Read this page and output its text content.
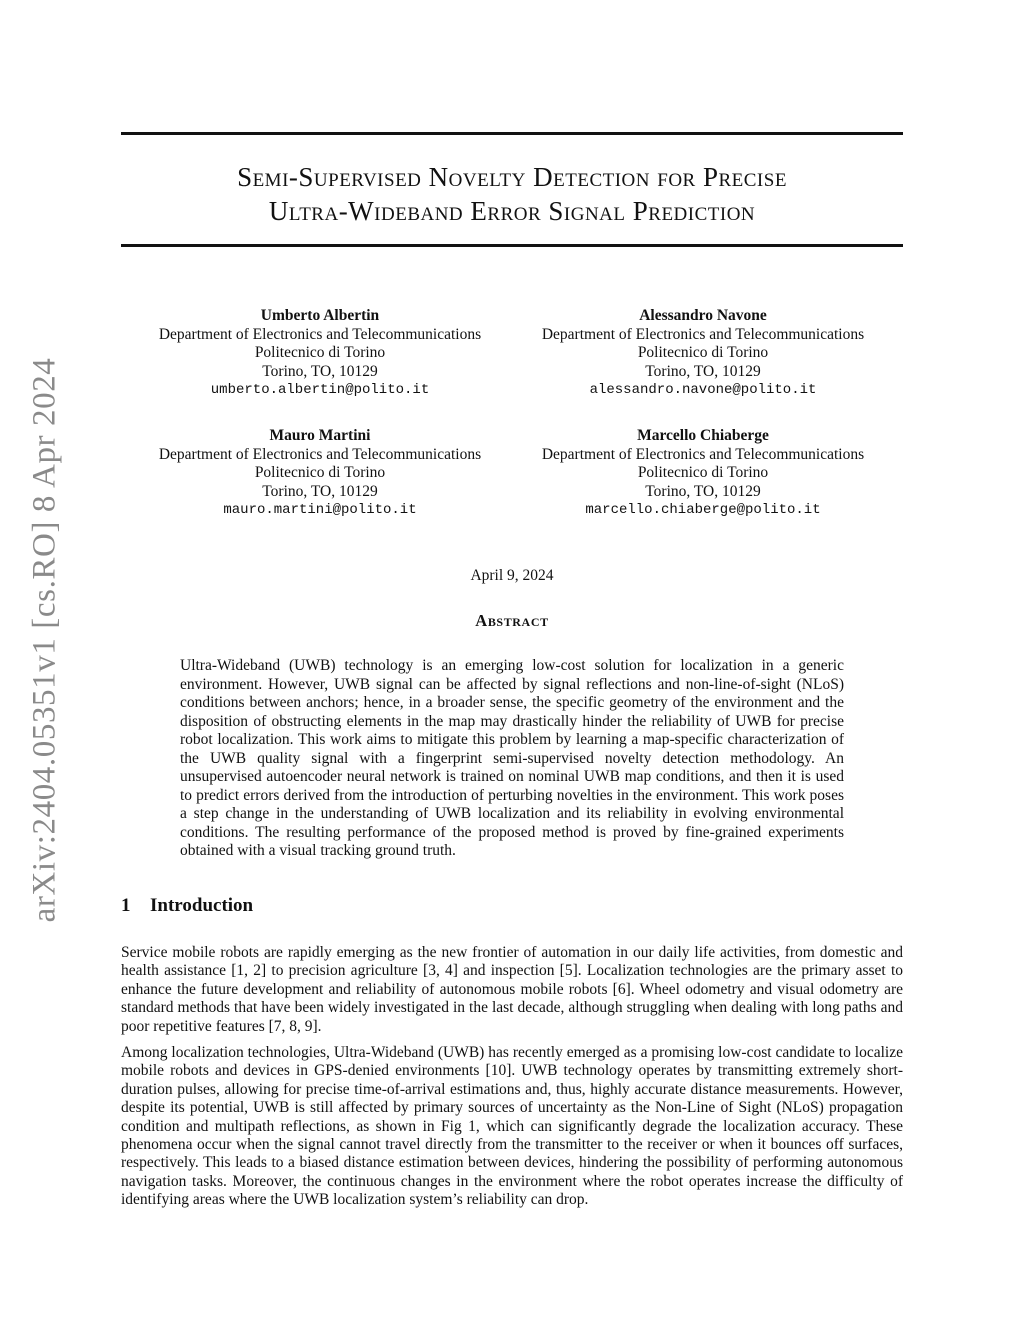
Semi-Supervised Novelty Detection for Precise
Ultra-Wideband Error Signal Prediction
arXiv:2404.05351v1 [cs.RO] 8 Apr 2024
Umberto Albertin
Department of Electronics and Telecommunications
Politecnico di Torino
Torino, TO, 10129
umberto.albertin@polito.it
Alessandro Navone
Department of Electronics and Telecommunications
Politecnico di Torino
Torino, TO, 10129
alessandro.navone@polito.it
Mauro Martini
Department of Electronics and Telecommunications
Politecnico di Torino
Torino, TO, 10129
mauro.martini@polito.it
Marcello Chiaberge
Department of Electronics and Telecommunications
Politecnico di Torino
Torino, TO, 10129
marcello.chiaberge@polito.it
April 9, 2024
Abstract

Ultra-Wideband (UWB) technology is an emerging low-cost solution for localization in a generic environment. However, UWB signal can be affected by signal reflections and non-line-of-sight (NLoS) conditions between anchors; hence, in a broader sense, the specific geometry of the environment and the disposition of obstructing elements in the map may drastically hinder the reliability of UWB for precise robot localization. This work aims to mitigate this problem by learning a map-specific characterization of the UWB quality signal with a fingerprint semi-supervised novelty detection methodology. An unsupervised autoencoder neural network is trained on nominal UWB map conditions, and then it is used to predict errors derived from the introduction of perturbing novelties in the environment. This work poses a step change in the understanding of UWB localization and its reliability in evolving environmental conditions. The resulting performance of the proposed method is proved by fine-grained experiments obtained with a visual tracking ground truth.

1 Introduction

Service mobile robots are rapidly emerging as the new frontier of automation in our daily life activities, from domestic and health assistance [1, 2] to precision agriculture [3, 4] and inspection [5]. Localization technologies are the primary asset to enhance the future development and reliability of autonomous mobile robots [6]. Wheel odometry and visual odometry are standard methods that have been widely investigated in the last decade, although struggling when dealing with long paths and poor repetitive features [7, 8, 9].

Among localization technologies, Ultra-Wideband (UWB) has recently emerged as a promising low-cost candidate to localize mobile robots and devices in GPS-denied environments [10]. UWB technology operates by transmitting extremely short-duration pulses, allowing for precise time-of-arrival estimations and, thus, highly accurate distance measurements. However, despite its potential, UWB is still affected by primary sources of uncertainty as the Non-Line of Sight (NLoS) propagation condition and multipath reflections, as shown in Fig 1, which can significantly degrade the localization accuracy. These phenomena occur when the signal cannot travel directly from the transmitter to the receiver or when it bounces off surfaces, respectively. This leads to a biased distance estimation between devices, hindering the possibility of performing autonomous navigation tasks. Moreover, the continuous changes in the environment where the robot operates increase the difficulty of identifying areas where the UWB localization system’s reliability can drop.
